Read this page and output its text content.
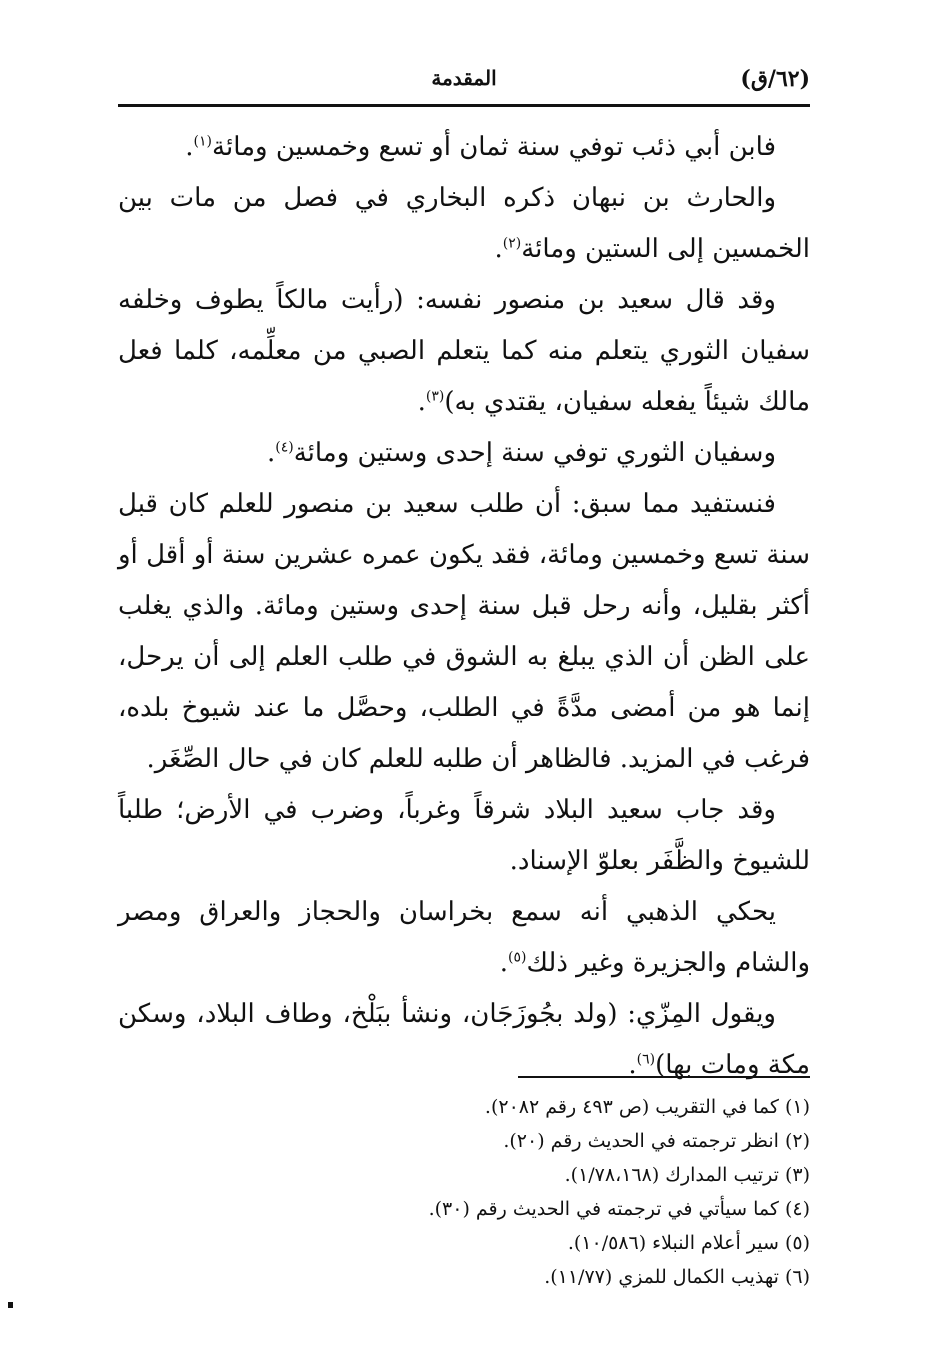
(٦٢/ق)
المقدمة

فابن أبي ذئب توفي سنة ثمان أو تسع وخمسين ومائة$^{(١)}$.

والحارث بن نبهان ذكره البخاري في فصل من مات بين الخمسين إلى الستين ومائة$^{(٢)}$.

وقد قال سعيد بن منصور نفسه: (رأيت مالكاً يطوف وخلفه سفيان الثوري يتعلم منه كما يتعلم الصبي من معلِّمه، كلما فعل مالك شيئاً يفعله سفيان، يقتدي به)$^{(٣)}$.

وسفيان الثوري توفي سنة إحدى وستين ومائة$^{(٤)}$.

فنستفيد مما سبق: أن طلب سعيد بن منصور للعلم كان قبل سنة تسع وخمسين ومائة، فقد يكون عمره عشرين سنة أو أقل أو أكثر بقليل، وأنه رحل قبل سنة إحدى وستين ومائة. والذي يغلب على الظن أن الذي يبلغ به الشوق في طلب العلم إلى أن يرحل، إنما هو من أمضى مدَّةً في الطلب، وحصَّل ما عند شيوخ بلده، فرغب في المزيد. فالظاهر أن طلبه للعلم كان في حال الصِّغَر.

وقد جاب سعيد البلاد شرقاً وغرباً، وضرب في الأرض؛ طلباً للشيوخ والظَّفَر بعلوّ الإسناد.

يحكي الذهبي أنه سمع بخراسان والحجاز والعراق ومصر والشام والجزيرة وغير ذلك$^{(٥)}$.

ويقول المِزّي: (ولد بجُوزَجَان، ونشأ ببَلْخ، وطاف البلاد، وسكن مكة ومات بها)$^{(٦)}$.

(١)كما في التقريب (ص ٤٩٣ رقم ٢٠٨٢).
(٢)انظر ترجمته في الحديث رقم (٢٠).
(٣)ترتيب المدارك (١/٧٨،١٦٨).
(٤)كما سيأتي في ترجمته في الحديث رقم (٣٠).
(٥)سير أعلام النبلاء (١٠/٥٨٦).
(٦)تهذيب الكمال للمزي (١١/٧٧).
